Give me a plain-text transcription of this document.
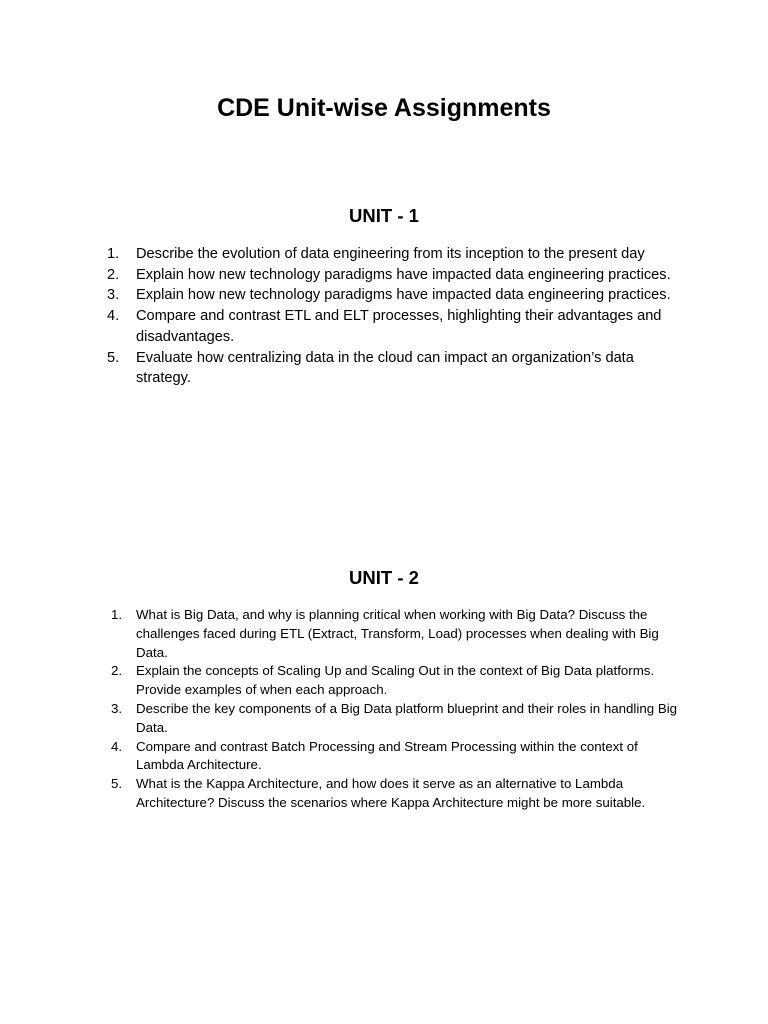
CDE Unit-wise Assignments
UNIT - 1
1.	Describe the evolution of data engineering from its inception to the present day
2.	Explain how new technology paradigms have impacted data engineering practices.
3.	Explain how new technology paradigms have impacted data engineering practices.
4.	Compare and contrast ETL and ELT processes, highlighting their advantages and disadvantages.
5.	Evaluate how centralizing data in the cloud can impact an organization’s data strategy.
UNIT - 2
1.	What is Big Data, and why is planning critical when working with Big Data? Discuss the challenges faced during ETL (Extract, Transform, Load) processes when dealing with Big Data.
2.	Explain the concepts of Scaling Up and Scaling Out in the context of Big Data platforms. Provide examples of when each approach.
3.	Describe the key components of a Big Data platform blueprint and their roles in handling Big Data.
4.	Compare and contrast Batch Processing and Stream Processing within the context of Lambda Architecture.
5.	What is the Kappa Architecture, and how does it serve as an alternative to Lambda Architecture? Discuss the scenarios where Kappa Architecture might be more suitable.
